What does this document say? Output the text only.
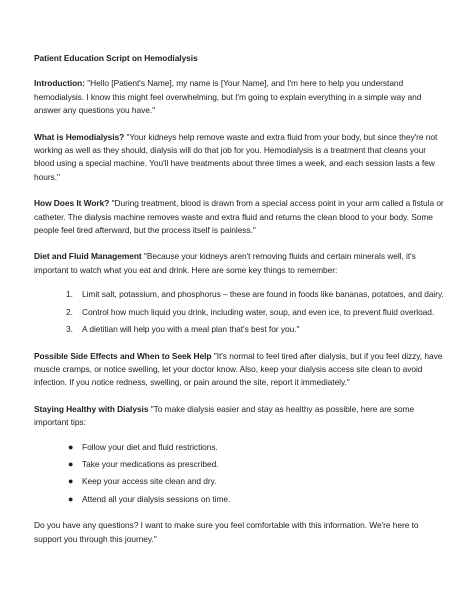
Patient Education Script on Hemodialysis

Introduction: "Hello [Patient's Name], my name is [Your Name], and I'm here to help you understand hemodialysis. I know this might feel overwhelming, but I'm going to explain everything in a simple way and answer any questions you have."

What is Hemodialysis? "Your kidneys help remove waste and extra fluid from your body, but since they're not working as well as they should, dialysis will do that job for you. Hemodialysis is a treatment that cleans your blood using a special machine. You'll have treatments about three times a week, and each session lasts a few hours."

How Does It Work? "During treatment, blood is drawn from a special access point in your arm called a fistula or catheter. The dialysis machine removes waste and extra fluid and returns the clean blood to your body. Some people feel tired afterward, but the process itself is painless."

Diet and Fluid Management "Because your kidneys aren't removing fluids and certain minerals well, it's important to watch what you eat and drink. Here are some key things to remember:

1. Limit salt, potassium, and phosphorus – these are found in foods like bananas, potatoes, and dairy.
2. Control how much liquid you drink, including water, soup, and even ice, to prevent fluid overload.
3. A dietitian will help you with a meal plan that's best for you."

Possible Side Effects and When to Seek Help "It's normal to feel tired after dialysis, but if you feel dizzy, have muscle cramps, or notice swelling, let your doctor know. Also, keep your dialysis access site clean to avoid infection. If you notice redness, swelling, or pain around the site, report it immediately."

Staying Healthy with Dialysis "To make dialysis easier and stay as healthy as possible, here are some important tips:

● Follow your diet and fluid restrictions.
● Take your medications as prescribed.
● Keep your access site clean and dry.
● Attend all your dialysis sessions on time.

Do you have any questions? I want to make sure you feel comfortable with this information. We're here to support you through this journey."
